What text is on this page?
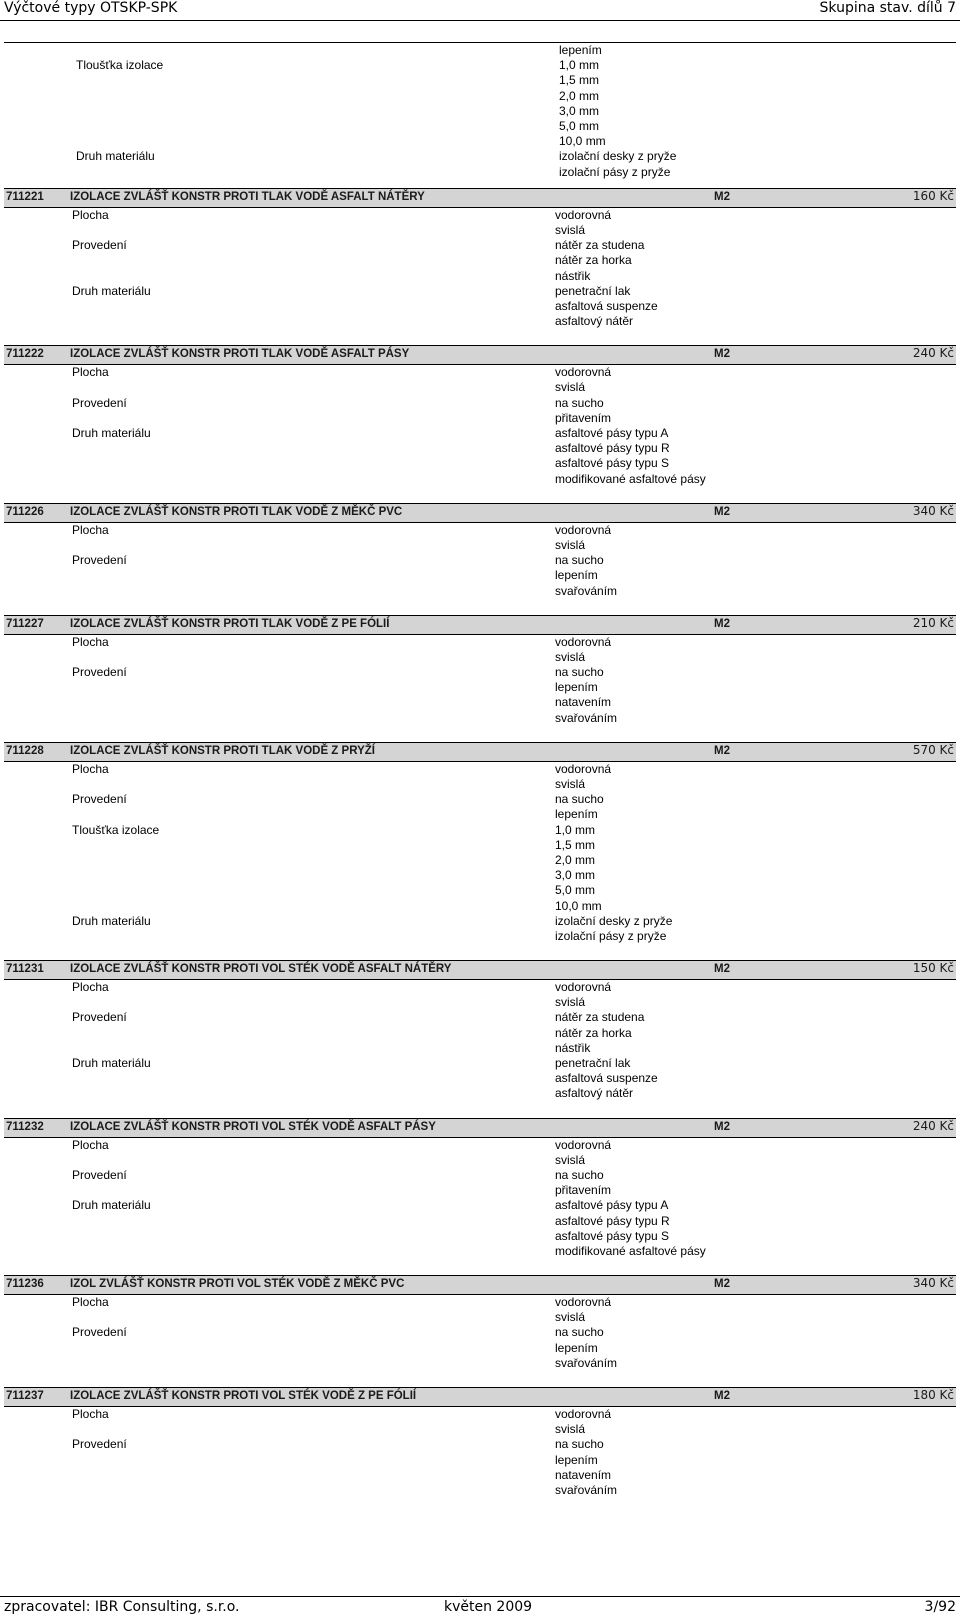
Výčtové typy OTSKP-SPK	Skupina stav. dílů 7
lepením
Tloušťka izolace	1,0 mm
1,5 mm
2,0 mm
3,0 mm
5,0 mm
10,0 mm
Druh materiálu	izolační desky z pryže
izolační pásy z pryže
711221 IZOLACE ZVLÁŠŤ KONSTR PROTI TLAK VODĚ ASFALT NÁTĚRY	M2	160 Kč
Plocha	vodorovná
svislá
Provedení	nátěr za studena
nátěr za horka
nástřik
Druh materiálu	penetrační lak
asfaltová suspenze
asfaltový nátěr
711222 IZOLACE ZVLÁŠŤ KONSTR PROTI TLAK VODĚ ASFALT PÁSY	M2	240 Kč
Plocha	vodorovná
svislá
Provedení	na sucho
přitavením
Druh materiálu	asfaltové pásy typu A
asfaltové pásy typu R
asfaltové pásy typu S
modifikované asfaltové pásy
711226 IZOLACE ZVLÁŠŤ KONSTR PROTI TLAK VODĚ Z MĚKČ PVC	M2	340 Kč
Plocha	vodorovná
svislá
Provedení	na sucho
lepením
svařováním
711227 IZOLACE ZVLÁŠŤ KONSTR PROTI TLAK VODĚ Z PE FÓLIÍ	M2	210 Kč
Plocha	vodorovná
svislá
Provedení	na sucho
lepením
natavením
svařováním
711228 IZOLACE ZVLÁŠŤ KONSTR PROTI TLAK VODĚ Z PRYŽÍ	M2	570 Kč
Plocha	vodorovná
svislá
Provedení	na sucho
lepením
Tloušťka izolace	1,0 mm
1,5 mm
2,0 mm
3,0 mm
5,0 mm
10,0 mm
Druh materiálu	izolační desky z pryže
izolační pásy z pryže
711231 IZOLACE ZVLÁŠŤ KONSTR PROTI VOL STÉK VODĚ ASFALT NÁTĚRY	M2	150 Kč
Plocha	vodorovná
svislá
Provedení	nátěr za studena
nátěr za horka
nástřik
Druh materiálu	penetrační lak
asfaltová suspenze
asfaltový nátěr
711232 IZOLACE ZVLÁŠŤ KONSTR PROTI VOL STÉK VODĚ ASFALT PÁSY	M2	240 Kč
Plocha	vodorovná
svislá
Provedení	na sucho
přitavením
Druh materiálu	asfaltové pásy typu A
asfaltové pásy typu R
asfaltové pásy typu S
modifikované asfaltové pásy
711236 IZOL ZVLÁŠŤ KONSTR PROTI VOL STÉK VODĚ Z MĚKČ PVC	M2	340 Kč
Plocha	vodorovná
svislá
Provedení	na sucho
lepením
svařováním
711237 IZOLACE ZVLÁŠŤ KONSTR PROTI VOL STÉK VODĚ Z PE FÓLIÍ	M2	180 Kč
Plocha	vodorovná
svislá
Provedení	na sucho
lepením
natavením
svařováním
zpracovatel: IBR Consulting, s.r.o.	květen 2009	3/92
